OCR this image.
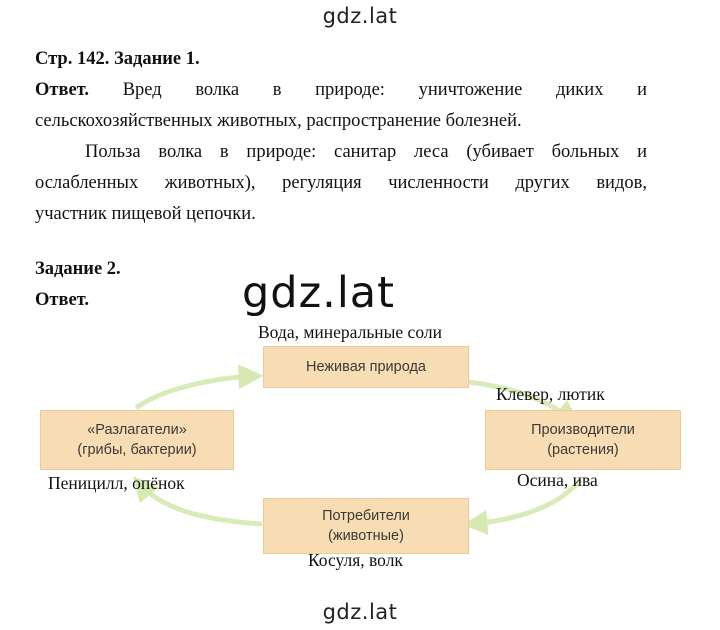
gdz.lat
Стр. 142. Задание 1.
Ответ. Вред волка в природе: уничтожение диких и
сельскохозяйственных животных, распространение болезней.
Польза волка в природе: санитар леса (убивает больных и
ослабленных животных), регуляция численности других видов,
участник пищевой цепочки.
Задание 2.
Ответ.	gdz.lat
Вода, минеральные соли
Неживая природа
Клевер, лютик
Производители
(растения)
Осина, ива
«Разлагатели»
(грибы, бактерии)
Пеницилл, опёнок
Потребители
(животные)
Косуля, волк
gdz.lat
